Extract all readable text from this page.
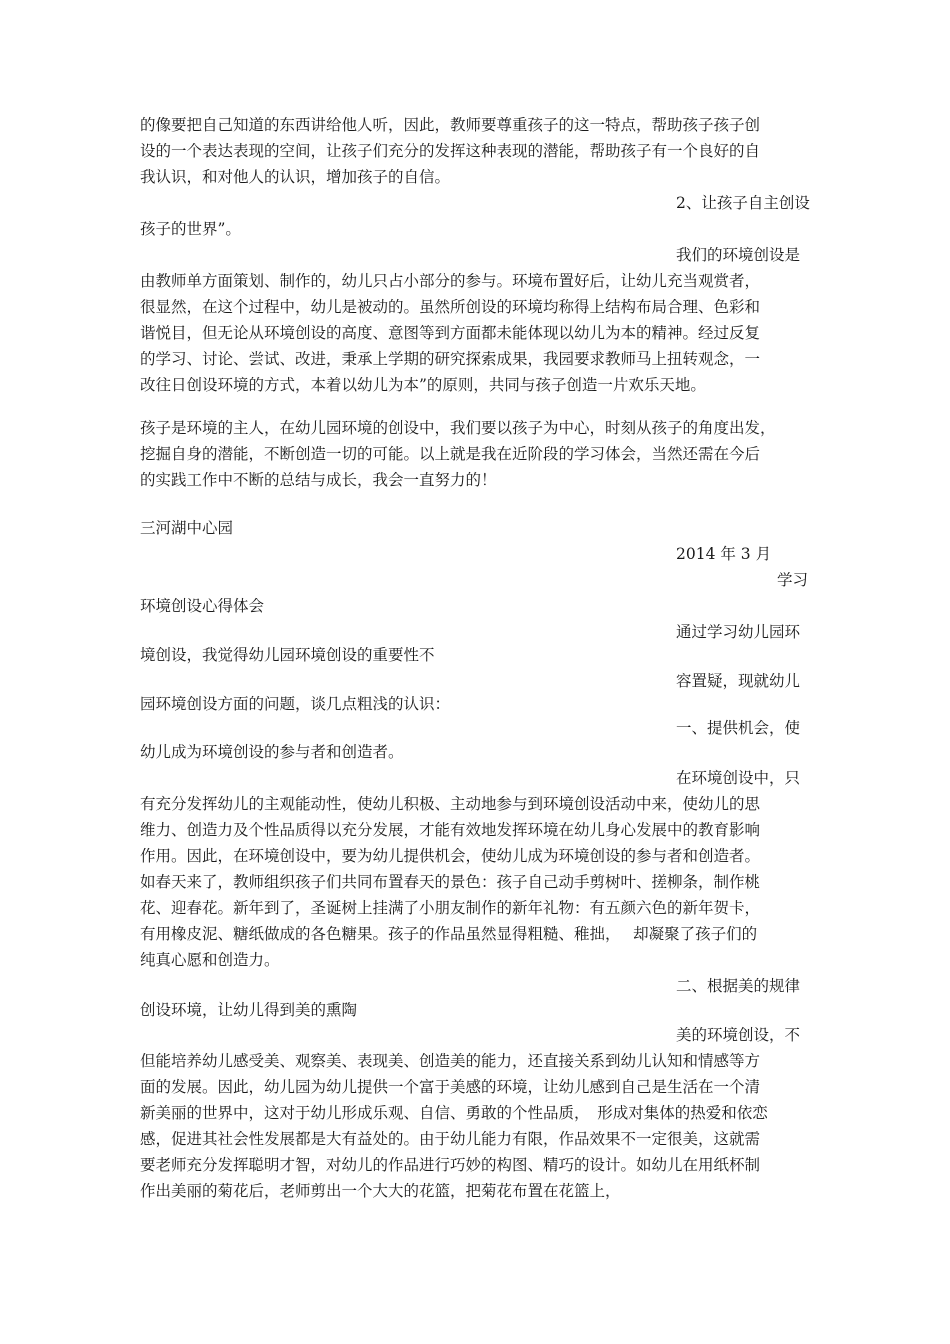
的像要把自己知道的东西讲给他人听，因此，教师要尊重孩子的这一特点，帮助孩子孩子创
设的一个表达表现的空间，让孩子们充分的发挥这种表现的潜能，帮助孩子有一个良好的自
我认识，和对他人的认识，增加孩子的自信。
2、让孩子自主创设
孩子的世界”。
我们的环境创设是
由教师单方面策划、制作的，幼儿只占小部分的参与。环境布置好后，让幼儿充当观赏者，
很显然，在这个过程中，幼儿是被动的。虽然所创设的环境均称得上结构布局合理、色彩和
谐悦目，但无论从环境创设的高度、意图等到方面都未能体现以幼儿为本的精神。经过反复
的学习、讨论、尝试、改进，秉承上学期的研究探索成果，我园要求教师马上扭转观念，一
改往日创设环境的方式，本着以幼儿为本”的原则，共同与孩子创造一片欢乐天地。
孩子是环境的主人，在幼儿园环境的创设中，我们要以孩子为中心，时刻从孩子的角度出发，
挖掘自身的潜能，不断创造一切的可能。以上就是我在近阶段的学习体会，当然还需在今后
的实践工作中不断的总结与成长，我会一直努力的！
三河湖中心园
2014 年 3 月
学习
环境创设心得体会
通过学习幼儿园环
境创设，我觉得幼儿园环境创设的重要性不
容置疑，现就幼儿
园环境创设方面的问题，谈几点粗浅的认识：
一、提供机会，使
幼儿成为环境创设的参与者和创造者。
在环境创设中，只
有充分发挥幼儿的主观能动性，使幼儿积极、主动地参与到环境创设活动中来，使幼儿的思
维力、创造力及个性品质得以充分发展，才能有效地发挥环境在幼儿身心发展中的教育影响
作用。因此，在环境创设中，要为幼儿提供机会，使幼儿成为环境创设的参与者和创造者。
如春天来了，教师组织孩子们共同布置春天的景色：孩子自己动手剪树叶、搓柳条，制作桃
花、迎春花。新年到了，圣诞树上挂满了小朋友制作的新年礼物：有五颜六色的新年贺卡，
有用橡皮泥、糖纸做成的各色糖果。孩子的作品虽然显得粗糙、稚拙，　 却凝聚了孩子们的
纯真心愿和创造力。
二、根据美的规律
创设环境，让幼儿得到美的熏陶
美的环境创设，不
但能培养幼儿感受美、观察美、表现美、创造美的能力，还直接关系到幼儿认知和情感等方
面的发展。因此，幼儿园为幼儿提供一个富于美感的环境，让幼儿感到自己是生活在一个清
新美丽的世界中，这对于幼儿形成乐观、自信、勇敢的个性品质，　形成对集体的热爱和依恋
感，促进其社会性发展都是大有益处的。由于幼儿能力有限，作品效果不一定很美，这就需
要老师充分发挥聪明才智，对幼儿的作品进行巧妙的构图、精巧的设计。如幼儿在用纸杯制
作出美丽的菊花后，老师剪出一个大大的花篮，把菊花布置在花篮上，
